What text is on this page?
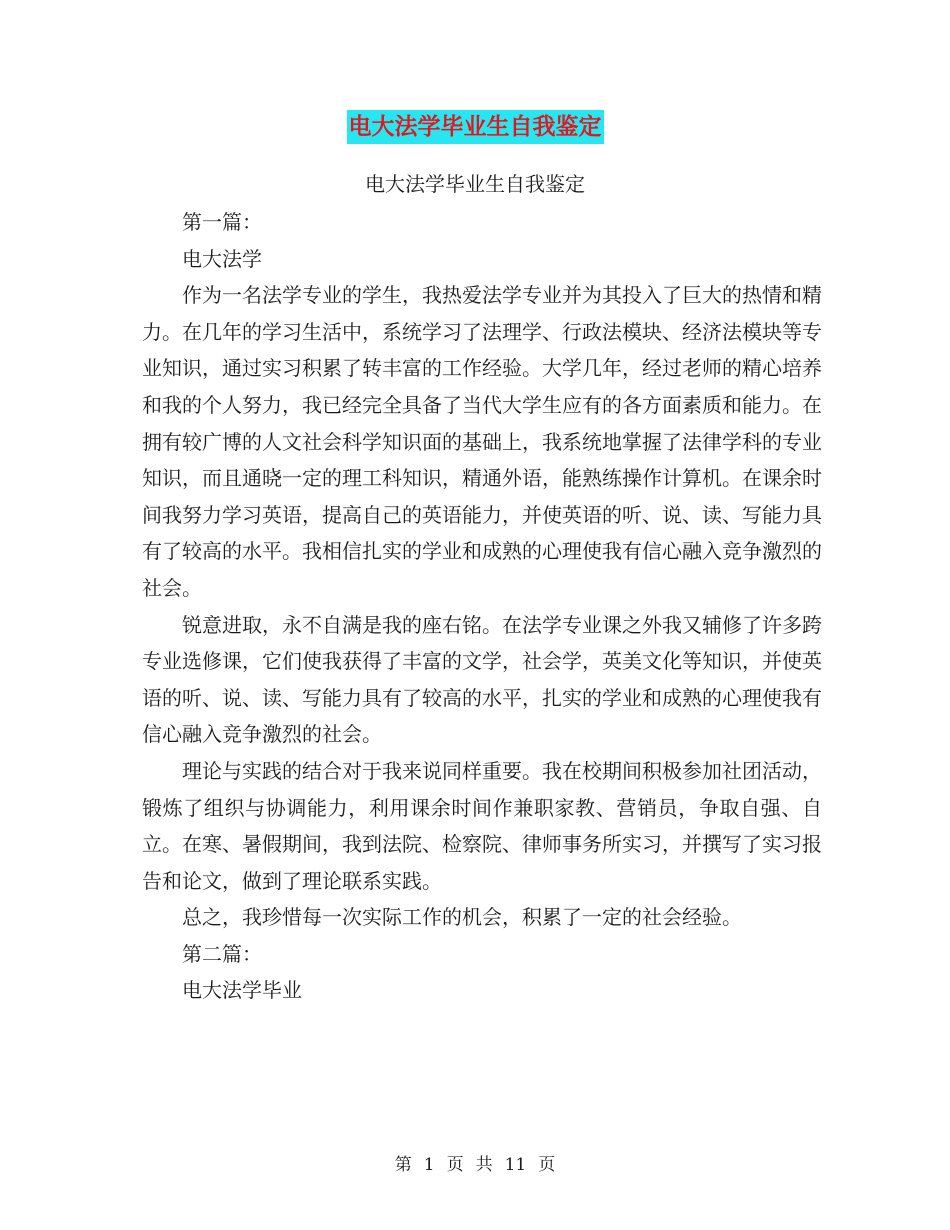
电大法学毕业生自我鉴定
电大法学毕业生自我鉴定

第一篇：

电大法学

作为一名法学专业的学生，我热爱法学专业并为其投入了巨大的热情和精力。在几年的学习生活中，系统学习了法理学、行政法模块、经济法模块等专业知识，通过实习积累了转丰富的工作经验。大学几年，经过老师的精心培养和我的个人努力，我已经完全具备了当代大学生应有的各方面素质和能力。在拥有较广博的人文社会科学知识面的基础上，我系统地掌握了法律学科的专业知识，而且通晓一定的理工科知识，精通外语，能熟练操作计算机。在课余时间我努力学习英语，提高自己的英语能力，并使英语的听、说、读、写能力具有了较高的水平。我相信扎实的学业和成熟的心理使我有信心融入竞争激烈的社会。

锐意进取，永不自满是我的座右铭。在法学专业课之外我又辅修了许多跨专业选修课，它们使我获得了丰富的文学，社会学，英美文化等知识，并使英语的听、说、读、写能力具有了较高的水平，扎实的学业和成熟的心理使我有信心融入竞争激烈的社会。

理论与实践的结合对于我来说同样重要。我在校期间积极参加社团活动，锻炼了组织与协调能力，利用课余时间作兼职家教、营销员，争取自强、自立。在寒、暑假期间，我到法院、检察院、律师事务所实习，并撰写了实习报告和论文，做到了理论联系实践。

总之，我珍惜每一次实际工作的机会，积累了一定的社会经验。

第二篇：

电大法学毕业

第 1 页 共 11 页
